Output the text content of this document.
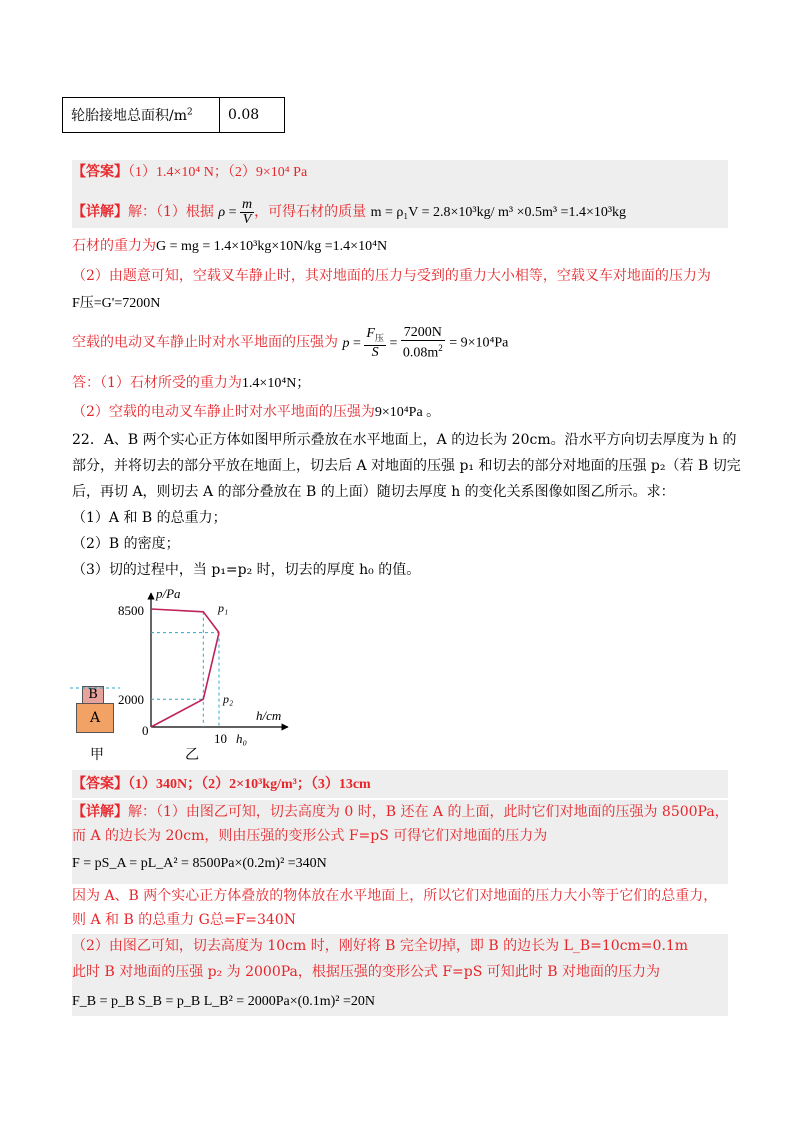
轮胎接地总面积$/m^2$	0.08
【答案】（1）1.4×10⁴ N；（2）9×10⁴ Pa
【详解】解：（1）根据 $\rho = \frac{m}{V}$ ，可得石材的质量 m = ρ₁V = 2.8×10³kg/ m³ ×0.5m³ =1.4×10³kg
石材的重力为G = mg = 1.4×10³kg×10N/kg =1.4×10⁴N
（2）由题意可知，空载叉车静止时，其对地面的压力与受到的重力大小相等，空载叉车对地面的压力为
F压=G'=7200N
空载的电动叉车静止时对水平地面的压强为 $p = \frac{F_压}{S} = \frac{7200N}{0.08m^2} = 9\times 10^4Pa$
答：（1）石材所受的重力为1.4×10⁴N；
（2）空载的电动叉车静止时对水平地面的压强为9×10⁴Pa 。
22．A、B 两个实心正方体如图甲所示叠放在水平地面上，A 的边长为 20cm。沿水平方向切去厚度为 h 的
部分，并将切去的部分平放在地面上，切去后 A 对地面的压强 p₁ 和切去的部分对地面的压强 p₂（若 B 切完
后，再切 A，则切去 A 的部分叠放在 B 的上面）随切去厚度 h 的变化关系图像如图乙所示。求：
（1）A 和 B 的总重力；
（2）B 的密度；
（3）切的过程中，当 p₁=p₂ 时，切去的厚度 h₀ 的值。
A
B
甲
p/Pa
h/cm
8500
2000
0
10 h₀
p₁
p₂
乙
【答案】（1）340N；（2）2×10³kg/m³；（3）13cm
【详解】解：（1）由图乙可知，切去高度为 0 时，B 还在 A 的上面，此时它们对地面的压强为 8500Pa，
而 A 的边长为 20cm，则由压强的变形公式 F=pS 可得它们对地面的压力为
F = pS_A = pL_A² = 8500Pa×(0.2m)² =340N
因为 A、B 两个实心正方体叠放的物体放在水平地面上，所以它们对地面的压力大小等于它们的总重力，
则 A 和 B 的总重力 G总=F=340N
（2）由图乙可知，切去高度为 10cm 时，刚好将 B 完全切掉，即 B 的边长为 L_B=10cm=0.1m
此时 B 对地面的压强 p₂ 为 2000Pa，根据压强的变形公式 F=pS 可知此时 B 对地面的压力为
F_B = p_B S_B = p_B L_B² = 2000Pa×(0.1m)² =20N
